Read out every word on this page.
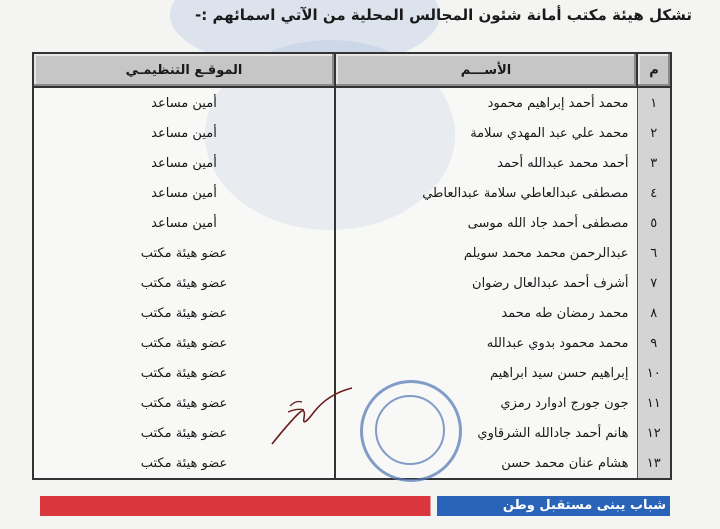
تشكل هيئة مكتب أمانة شئون المجالس المحلية من الآتي اسمائهم :-
م	الأســـم	الموقـع التنظيمـي
١	محمد أحمد إبراهيم محمود	أمين مساعد
٢	محمد علي عبد المهدي سلامة	أمين مساعد
٣	أحمد محمد عبدالله أحمد	أمين مساعد
٤	مصطفى عبدالعاطي سلامة عبدالعاطي	أمين مساعد
٥	مصطفى أحمد جاد الله موسى	أمين مساعد
٦	عبدالرحمن محمد محمد سويلم	عضو هيئة مكتب
٧	أشرف أحمد عبدالعال رضوان	عضو هيئة مكتب
٨	محمد رمضان طه محمد	عضو هيئة مكتب
٩	محمد محمود بدوي عبدالله	عضو هيئة مكتب
١٠	إبراهيم حسن سيد ابراهيم	عضو هيئة مكتب
١١	جون جورج ادوارد رمزي	عضو هيئة مكتب
١٢	هانم أحمد جادالله الشرقاوي	عضو هيئة مكتب
١٣	هشام عنان محمد حسن	عضو هيئة مكتب
شباب يبنى مستقبل وطن
